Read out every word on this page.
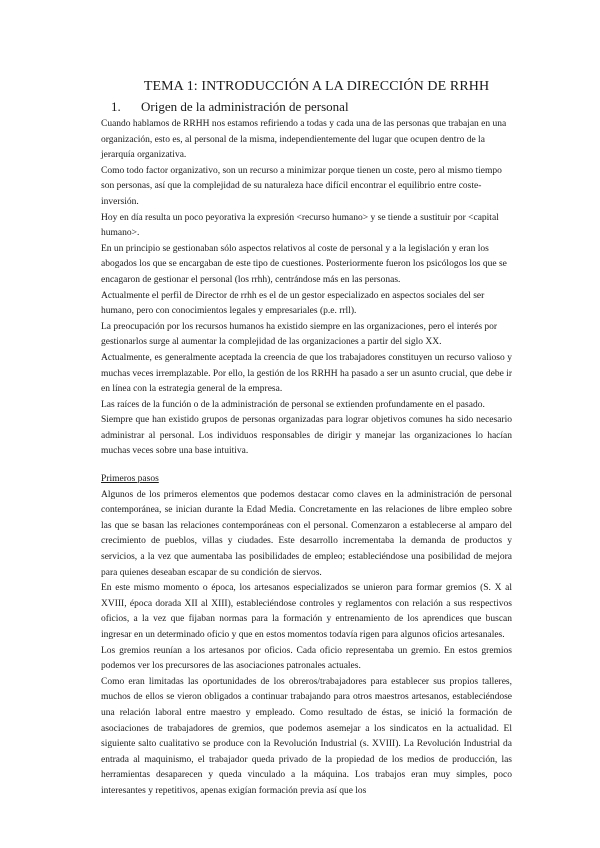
TEMA 1: INTRODUCCIÓN A LA DIRECCIÓN DE RRHH
1. Origen de la administración de personal

Cuando hablamos de RRHH nos estamos refiriendo a todas y cada una de las personas que trabajan en una organización, esto es, al personal de la misma, independientemente del lugar que ocupen dentro de la jerarquía organizativa.

Como todo factor organizativo, son un recurso a minimizar porque tienen un coste, pero al mismo tiempo son personas, así que la complejidad de su naturaleza hace difícil encontrar el equilibrio entre coste- inversión.

Hoy en día resulta un poco peyorativa la expresión <recurso humano> y se tiende a sustituir por <capital humano>.

En un principio se gestionaban sólo aspectos relativos al coste de personal y a la legislación y eran los abogados los que se encargaban de este tipo de cuestiones. Posteriormente fueron los psicólogos los que se encagaron de gestionar el personal (los rrhh), centrándose más en las personas.

Actualmente el perfil de Director de rrhh es el de un gestor especializado en aspectos sociales del ser humano, pero con conocimientos legales y empresariales (p.e. rrll).

La preocupación por los recursos humanos ha existido siempre en las organizaciones, pero el interés por gestionarlos surge al aumentar la complejidad de las organizaciones a partir del siglo XX.

Actualmente, es generalmente aceptada la creencia de que los trabajadores constituyen un recurso valioso y muchas veces irremplazable. Por ello, la gestión de los RRHH ha pasado a ser un asunto crucial, que debe ir en línea con la estrategia general de la empresa.

Las raíces de la función o de la administración de personal se extienden profundamente en el pasado.

Siempre que han existido grupos de personas organizadas para lograr objetivos comunes ha sido necesario administrar al personal. Los individuos responsables de dirigir y manejar las organizaciones lo hacían muchas veces sobre una base intuitiva.

Primeros pasos

Algunos de los primeros elementos que podemos destacar como claves en la administración de personal contemporánea, se inician durante la Edad Media. Concretamente en las relaciones de libre empleo sobre las que se basan las relaciones contemporáneas con el personal. Comenzaron a establecerse al amparo del crecimiento de pueblos, villas y ciudades. Este desarrollo incrementaba la demanda de productos y servicios, a la vez que aumentaba las posibilidades de empleo; estableciéndose una posibilidad de mejora para quienes deseaban escapar de su condición de siervos.

En este mismo momento o época, los artesanos especializados se unieron para formar gremios (S. X al XVIII, época dorada XII al XIII), estableciéndose controles y reglamentos con relación a sus respectivos oficios, a la vez que fijaban normas para la formación y entrenamiento de los aprendices que buscan ingresar en un determinado oficio y que en estos momentos todavía rigen para algunos oficios artesanales.

Los gremios reunían a los artesanos por oficios. Cada oficio representaba un gremio. En estos gremios podemos ver los precursores de las asociaciones patronales actuales.

Como eran limitadas las oportunidades de los obreros/trabajadores para establecer sus propios talleres, muchos de ellos se vieron obligados a continuar trabajando para otros maestros artesanos, estableciéndose una relación laboral entre maestro y empleado. Como resultado de éstas, se inició la formación de asociaciones de trabajadores de gremios, que podemos asemejar a los sindicatos en la actualidad. El siguiente salto cualitativo se produce con la Revolución Industrial (s. XVIII). La Revolución Industrial da entrada al maquinismo, el trabajador queda privado de la propiedad de los medios de producción, las herramientas desaparecen y queda vinculado a la máquina. Los trabajos eran muy simples, poco interesantes y repetitivos, apenas exigían formación previa así que los
